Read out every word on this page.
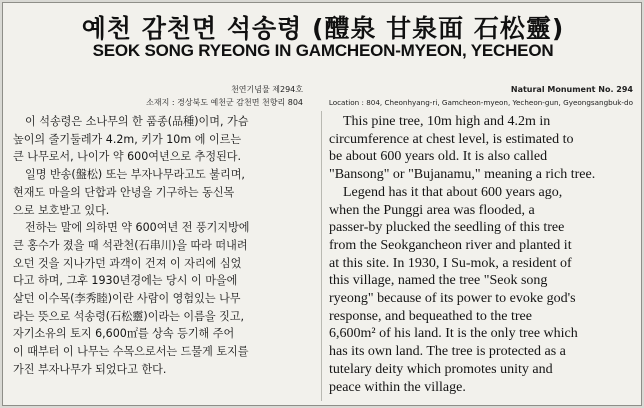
예천 감천면 석송령 (醴泉 甘泉面 石松靈)
SEOK SONG RYEONG IN GAMCHEON-MYEON, YECHEON
천연기념물 제294호
소재지 : 경상북도 예천군 감천면 천향리 804
Natural Monument No. 294
Location : 804, Cheonhyang-ri, Gamcheon-myeon, Yecheon-gun, Gyeongsangbuk-do
이 석송령은 소나무의 한 품종(品種)이며, 가슴
높이의 줄기둘레가 4.2m, 키가 10m 에 이르는
큰 나무로서, 나이가 약 600여년으로 추정된다.
일명 반송(盤松) 또는 부자나무라고도 불리며,
현재도 마을의 단합과 안녕을 기구하는 동신목
으로 보호받고 있다.
전하는 말에 의하면 약 600여년 전 풍기지방에
큰 홍수가 졌을 때 석관천(石串川)을 따라 떠내려
오던 것을 지나가던 과객이 건져 이 자리에 심었
다고 하며, 그후 1930년경에는 당시 이 마을에
살던 이수목(李秀睦)이란 사람이 영험있는 나무
라는 뜻으로 석송령(石松靈)이라는 이름을 짓고,
자기소유의 토지 6,600㎡를 상속 등기해 주어
이 때부터 이 나무는 수목으로서는 드물게 토지를
가진 부자나무가 되었다고 한다.
This pine tree, 10m high and 4.2m in
circumference at chest level, is estimated to
be about 600 years old. It is also called
"Bansong" or "Bujanamu," meaning a rich tree.
Legend has it that about 600 years ago,
when the Punggi area was flooded, a
passer-by plucked the seedling of this tree
from the Seokgancheon river and planted it
at this site. In 1930, I Su-mok, a resident of
this village, named the tree "Seok song
ryeong" because of its power to evoke god's
response, and bequeathed to the tree
6,600m² of his land. It is the only tree which
has its own land. The tree is protected as a
tutelary deity which promotes unity and
peace within the village.
